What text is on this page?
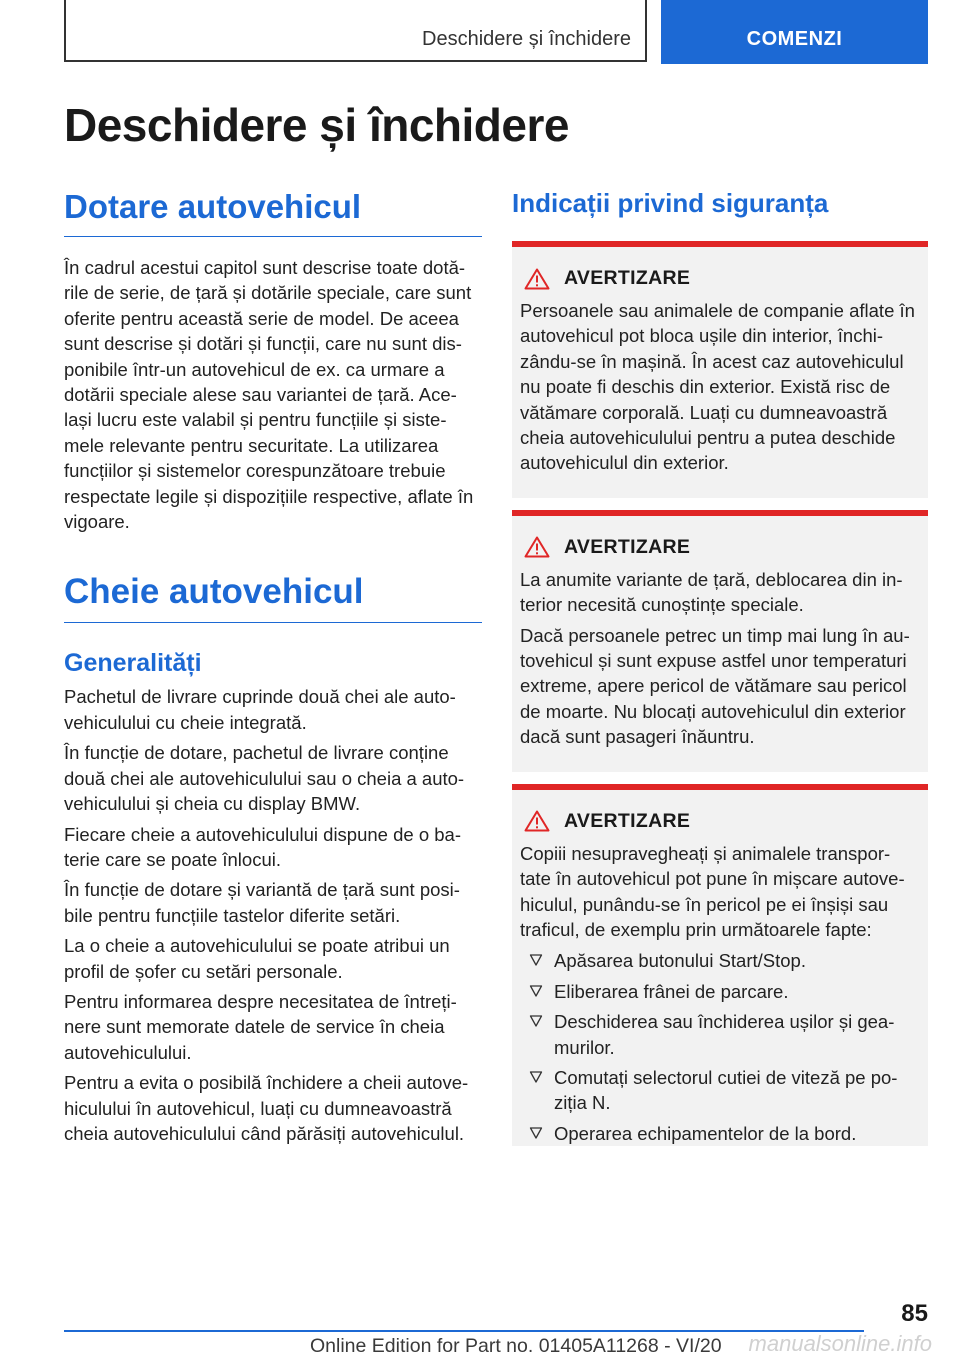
Deschidere și închidere	COMENZI
Deschidere și închidere
Dotare autovehicul

În cadrul acestui capitol sunt descrise toate dotă-rile de serie, de țară și dotările speciale, care sunt oferite pentru această serie de model. De aceea sunt descrise și dotări și funcții, care nu sunt dis-ponibile într-un autovehicul de ex. ca urmare a dotării speciale alese sau variantei de țară. Ace-lași lucru este valabil și pentru funcțiile și siste-mele relevante pentru securitate. La utilizarea funcțiilor și sistemelor corespunzătoare trebuie respectate legile și dispozițiile respective, aflate în vigoare.

Cheie autovehicul
Generalități

Pachetul de livrare cuprinde două chei ale auto-vehiculului cu cheie integrată.

În funcție de dotare, pachetul de livrare conține două chei ale autovehiculului sau o cheia a auto-vehiculului și cheia cu display BMW.

Fiecare cheie a autovehiculului dispune de o ba-terie care se poate înlocui.

În funcție de dotare și variantă de țară sunt posi-bile pentru funcțiile tastelor diferite setări.

La o cheie a autovehiculului se poate atribui un profil de șofer cu setări personale.

Pentru informarea despre necesitatea de întreți-nere sunt memorate datele de service în cheia autovehiculului.

Pentru a evita o posibilă închidere a cheii autove-hiculului în autovehicul, luați cu dumneavoastră cheia autovehiculului când părăsiți autovehiculul.

Indicații privind siguranța
AVERTIZARE

Persoanele sau animalele de companie aflate în autovehicul pot bloca ușile din interior, închi-zându-se în mașină. În acest caz autovehiculul nu poate fi deschis din exterior. Există risc de vătămare corporală. Luați cu dumneavoastră cheia autovehiculului pentru a putea deschide autovehiculul din exterior.

AVERTIZARE

La anumite variante de țară, deblocarea din in-terior necesită cunoștințe speciale.

Dacă persoanele petrec un timp mai lung în au-tovehicul și sunt expuse astfel unor temperaturi extreme, apere pericol de vătămare sau pericol de moarte. Nu blocați autovehiculul din exterior dacă sunt pasageri înăuntru.

AVERTIZARE

Copiii nesupravegheați și animalele transpor-tate în autovehicul pot pune în mișcare autove-hiculul, punându-se în pericol pe ei înșiși sau traficul, de exemplu prin următoarele fapte:

Apăsarea butonului Start/Stop.
Eliberarea frânei de parcare.
Deschiderea sau închiderea ușilor și gea-murilor.
Comutați selectorul cutiei de viteză pe po-ziția N.
Operarea echipamentelor de la bord.
85
Online Edition for Part no. 01405A11268 - VI/20 manualsonline.info
